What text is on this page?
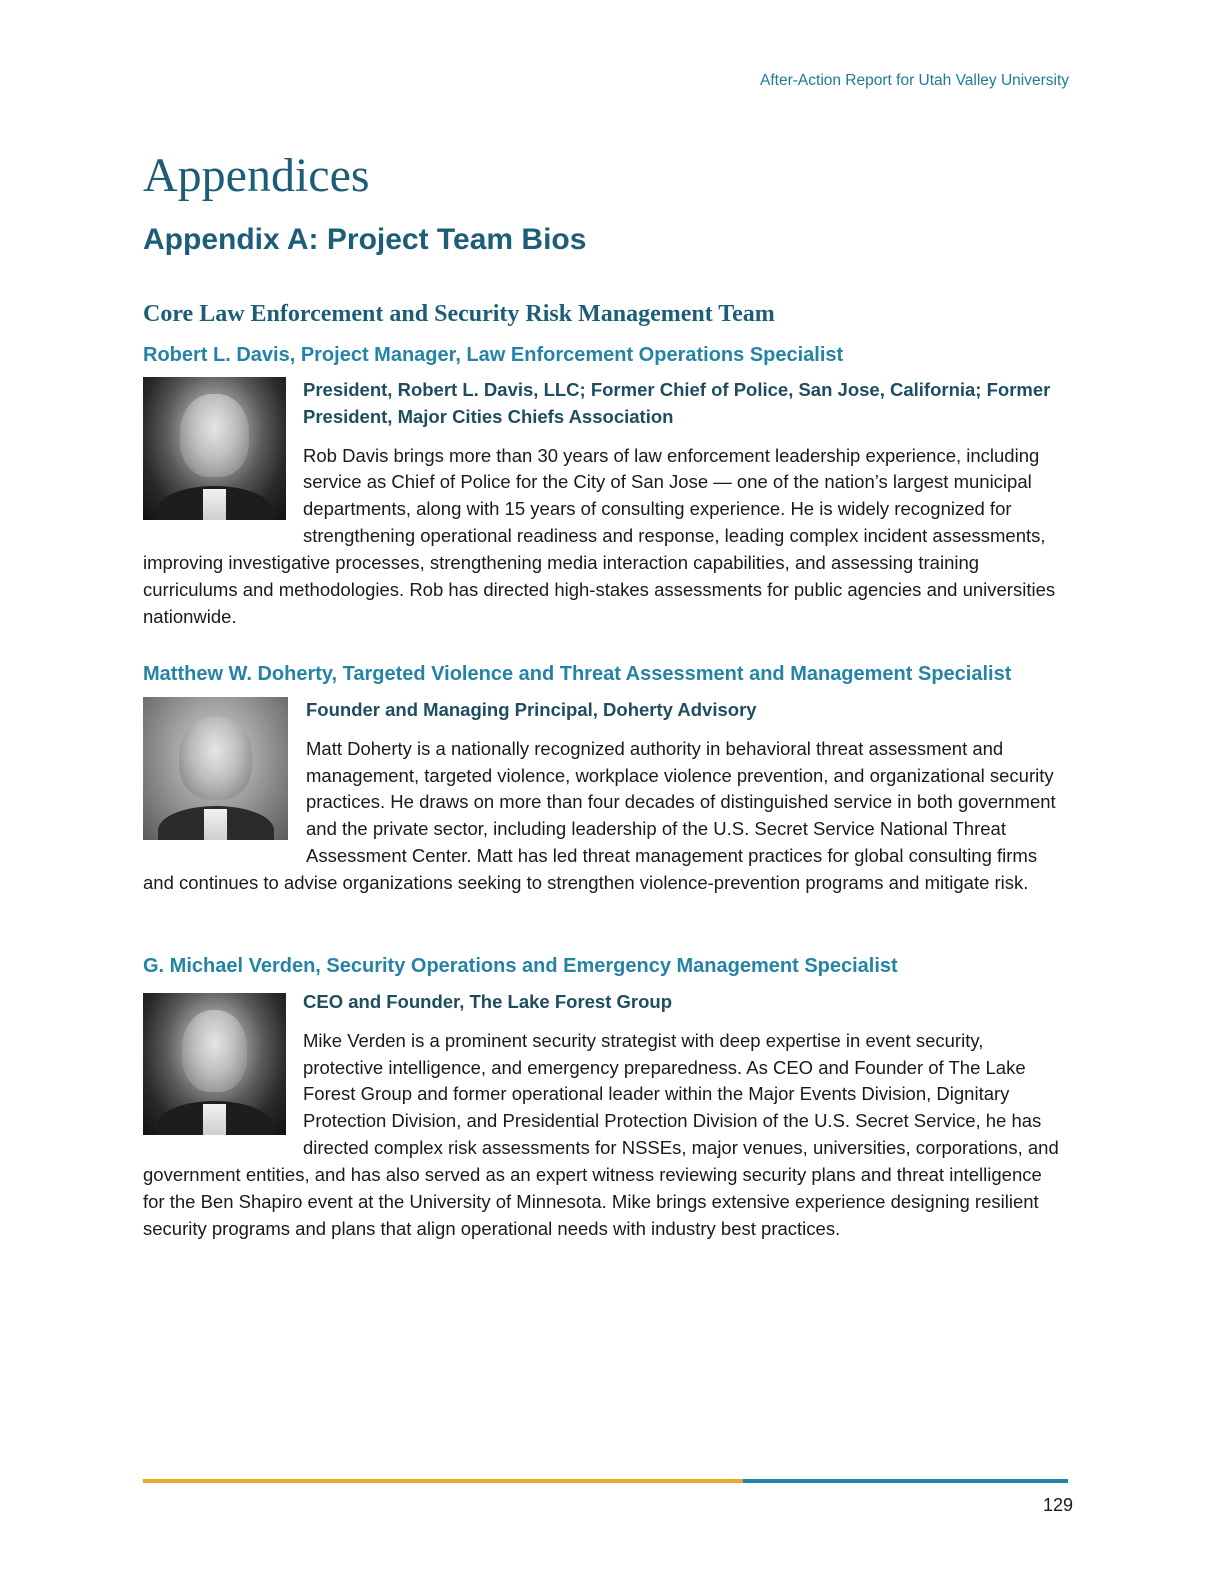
After-Action Report for Utah Valley University
Appendices
Appendix A: Project Team Bios
Core Law Enforcement and Security Risk Management Team
Robert L. Davis, Project Manager, Law Enforcement Operations Specialist
President, Robert L. Davis, LLC; Former Chief of Police, San Jose, California; Former President, Major Cities Chiefs Association

Rob Davis brings more than 30 years of law enforcement leadership experience, including service as Chief of Police for the City of San Jose — one of the nation’s largest municipal departments, along with 15 years of consulting experience. He is widely recognized for strengthening operational readiness and response, leading complex incident assessments, improving investigative processes, strengthening media interaction capabilities, and assessing training curriculums and methodologies. Rob has directed high-stakes assessments for public agencies and universities nationwide.

Matthew W. Doherty, Targeted Violence and Threat Assessment and Management Specialist
Founder and Managing Principal, Doherty Advisory

Matt Doherty is a nationally recognized authority in behavioral threat assessment and management, targeted violence, workplace violence prevention, and organizational security practices. He draws on more than four decades of distinguished service in both government and the private sector, including leadership of the U.S. Secret Service National Threat Assessment Center. Matt has led threat management practices for global consulting firms and continues to advise organizations seeking to strengthen violence-prevention programs and mitigate risk.

G. Michael Verden, Security Operations and Emergency Management Specialist
CEO and Founder, The Lake Forest Group

Mike Verden is a prominent security strategist with deep expertise in event security, protective intelligence, and emergency preparedness. As CEO and Founder of The Lake Forest Group and former operational leader within the Major Events Division, Dignitary Protection Division, and Presidential Protection Division of the U.S. Secret Service, he has directed complex risk assessments for NSSEs, major venues, universities, corporations, and government entities, and has also served as an expert witness reviewing security plans and threat intelligence for the Ben Shapiro event at the University of Minnesota. Mike brings extensive experience designing resilient security programs and plans that align operational needs with industry best practices.

129
